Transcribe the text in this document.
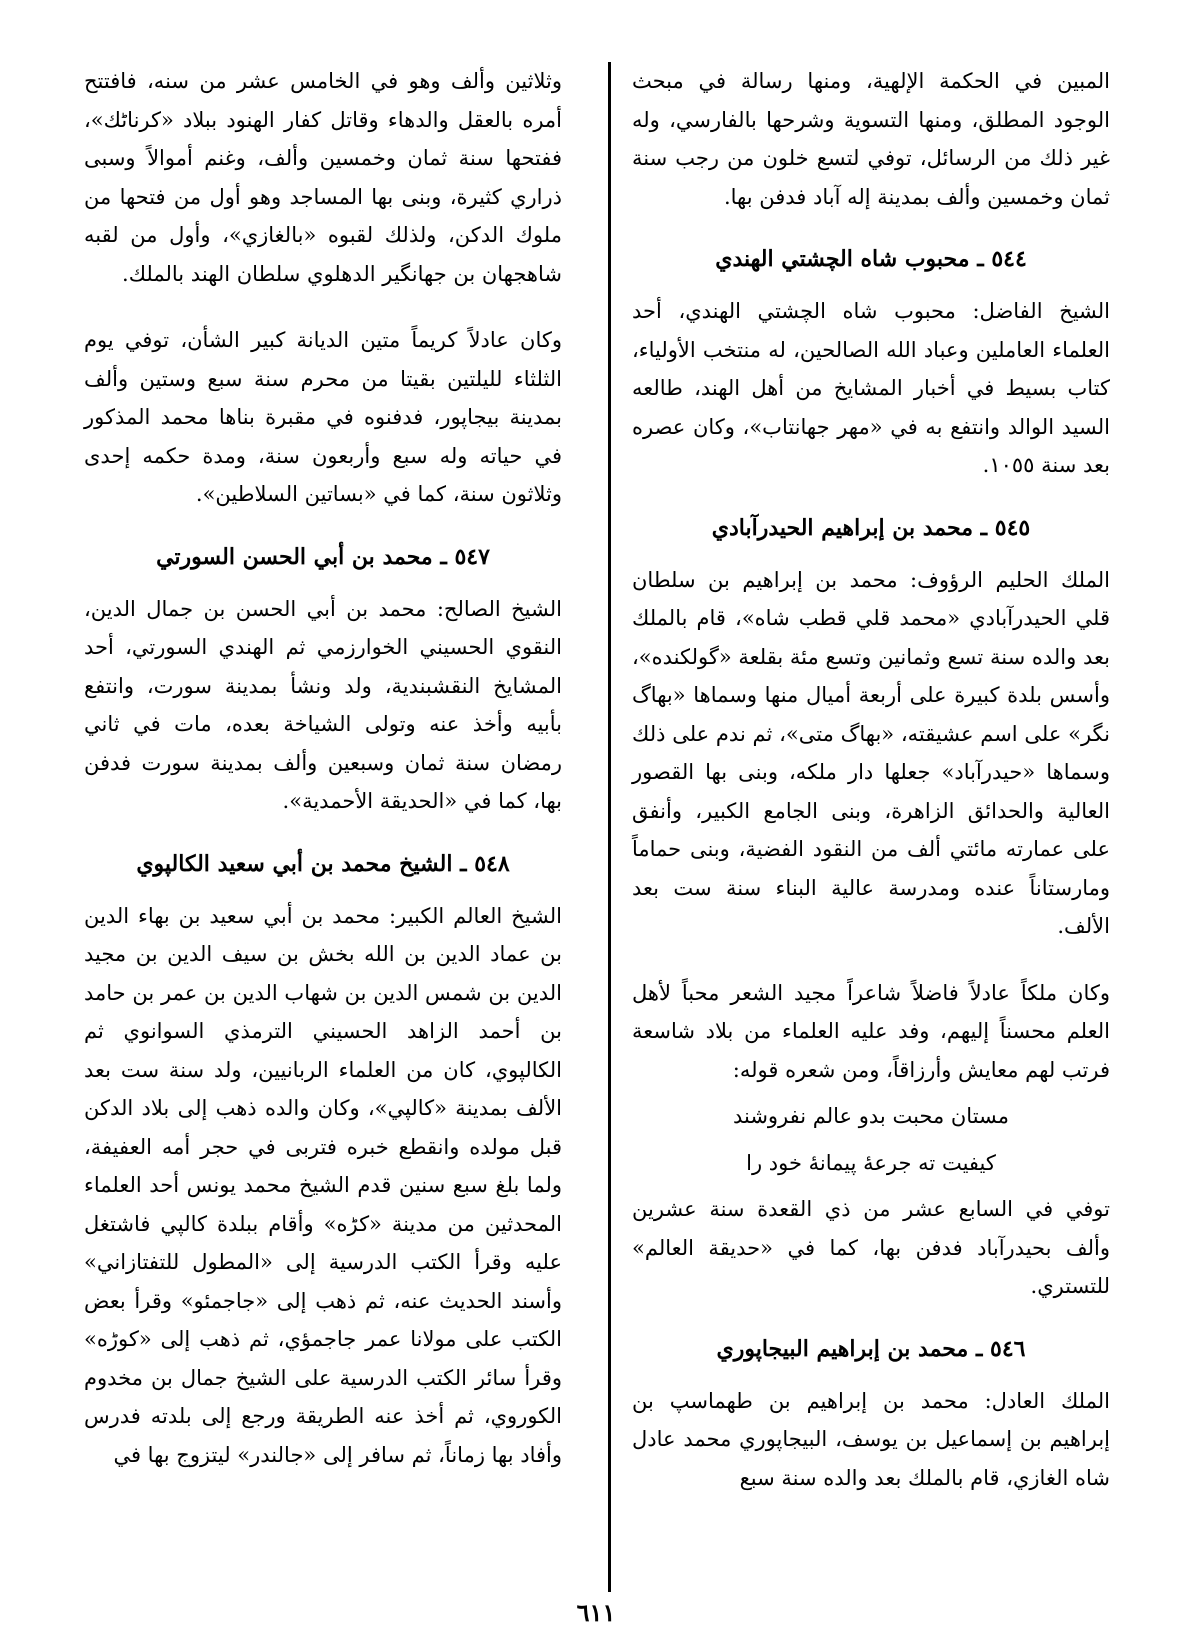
المبين في الحكمة الإلهية، ومنها رسالة في مبحث الوجود المطلق، ومنها التسوية وشرحها بالفارسي، وله غير ذلك من الرسائل، توفي لتسع خلون من رجب سنة ثمان وخمسين وألف بمدينة إله آباد فدفن بها.

٥٤٤ ـ محبوب شاه الچشتي الهندي

الشيخ الفاضل: محبوب شاه الچشتي الهندي، أحد العلماء العاملين وعباد الله الصالحين، له منتخب الأولياء، كتاب بسيط في أخبار المشايخ من أهل الهند، طالعه السيد الوالد وانتفع به في «مهر جهانتاب»، وكان عصره بعد سنة ١٠٥٥.

٥٤٥ ـ محمد بن إبراهيم الحيدرآبادي

الملك الحليم الرؤوف: محمد بن إبراهيم بن سلطان قلي الحيدرآبادي «محمد قلي قطب شاه»، قام بالملك بعد والده سنة تسع وثمانين وتسع مئة بقلعة «گولكنده»، وأسس بلدة كبيرة على أربعة أميال منها وسماها «بهاگ نگر» على اسم عشيقته، «بهاگ متى»، ثم ندم على ذلك وسماها «حيدرآباد» جعلها دار ملكه، وبنى بها القصور العالية والحدائق الزاهرة، وبنى الجامع الكبير، وأنفق على عمارته مائتي ألف من النقود الفضية، وبنى حماماً ومارستاناً عنده ومدرسة عالية البناء سنة ست بعد الألف.

وكان ملكاً عادلاً فاضلاً شاعراً مجيد الشعر محباً لأهل العلم محسناً إليهم، وفد عليه العلماء من بلاد شاسعة فرتب لهم معايش وأرزاقاً، ومن شعره قوله:

مستان محبت بدو عالم نفروشند
كيفيت ته جرعهٔ پيمانهٔ خود را

توفي في السابع عشر من ذي القعدة سنة عشرين وألف بحيدرآباد فدفن بها، كما في «حديقة العالم» للتستري.

٥٤٦ ـ محمد بن إبراهيم البيجاپوري

الملك العادل: محمد بن إبراهيم بن طهماسپ بن إبراهيم بن إسماعيل بن يوسف، البيجاپوري محمد عادل شاه الغازي، قام بالملك بعد والده سنة سبع

وثلاثين وألف وهو في الخامس عشر من سنه، فافتتح أمره بالعقل والدهاء وقاتل كفار الهنود ببلاد «كرناٹك»، ففتحها سنة ثمان وخمسين وألف، وغنم أموالاً وسبى ذراري كثيرة، وبنى بها المساجد وهو أول من فتحها من ملوك الدكن، ولذلك لقبوه «بالغازي»، وأول من لقبه شاهجهان بن جهانگير الدهلوي سلطان الهند بالملك.

وكان عادلاً كريماً متين الديانة كبير الشأن، توفي يوم الثلثاء لليلتين بقيتا من محرم سنة سبع وستين وألف بمدينة بيجاپور، فدفنوه في مقبرة بناها محمد المذكور في حياته وله سبع وأربعون سنة، ومدة حكمه إحدى وثلاثون سنة، كما في «بساتين السلاطين».

٥٤٧ ـ محمد بن أبي الحسن السورتي

الشيخ الصالح: محمد بن أبي الحسن بن جمال الدين، النقوي الحسيني الخوارزمي ثم الهندي السورتي، أحد المشايخ النقشبندية، ولد ونشأ بمدينة سورت، وانتفع بأبيه وأخذ عنه وتولى الشياخة بعده، مات في ثاني رمضان سنة ثمان وسبعين وألف بمدينة سورت فدفن بها، كما في «الحديقة الأحمدية».

٥٤٨ ـ الشيخ محمد بن أبي سعيد الكالپوي

الشيخ العالم الكبير: محمد بن أبي سعيد بن بهاء الدين بن عماد الدين بن الله بخش بن سيف الدين بن مجيد الدين بن شمس الدين بن شهاب الدين بن عمر بن حامد بن أحمد الزاهد الحسيني الترمذي السوانوي ثم الكالپوي، كان من العلماء الربانيين، ولد سنة ست بعد الألف بمدينة «كالپي»، وكان والده ذهب إلى بلاد الدكن قبل مولده وانقطع خبره فتربى في حجر أمه العفيفة، ولما بلغ سبع سنين قدم الشيخ محمد يونس أحد العلماء المحدثين من مدينة «كڑه» وأقام ببلدة كالپي فاشتغل عليه وقرأ الكتب الدرسية إلى «المطول للتفتازاني» وأسند الحديث عنه، ثم ذهب إلى «جاجمئو» وقرأ بعض الكتب على مولانا عمر جاجمؤي، ثم ذهب إلى «كوڑه» وقرأ سائر الكتب الدرسية على الشيخ جمال بن مخدوم الكوروي، ثم أخذ عنه الطريقة ورجع إلى بلدته فدرس وأفاد بها زماناً، ثم سافر إلى «جالندر» ليتزوج بها في

٦١١
